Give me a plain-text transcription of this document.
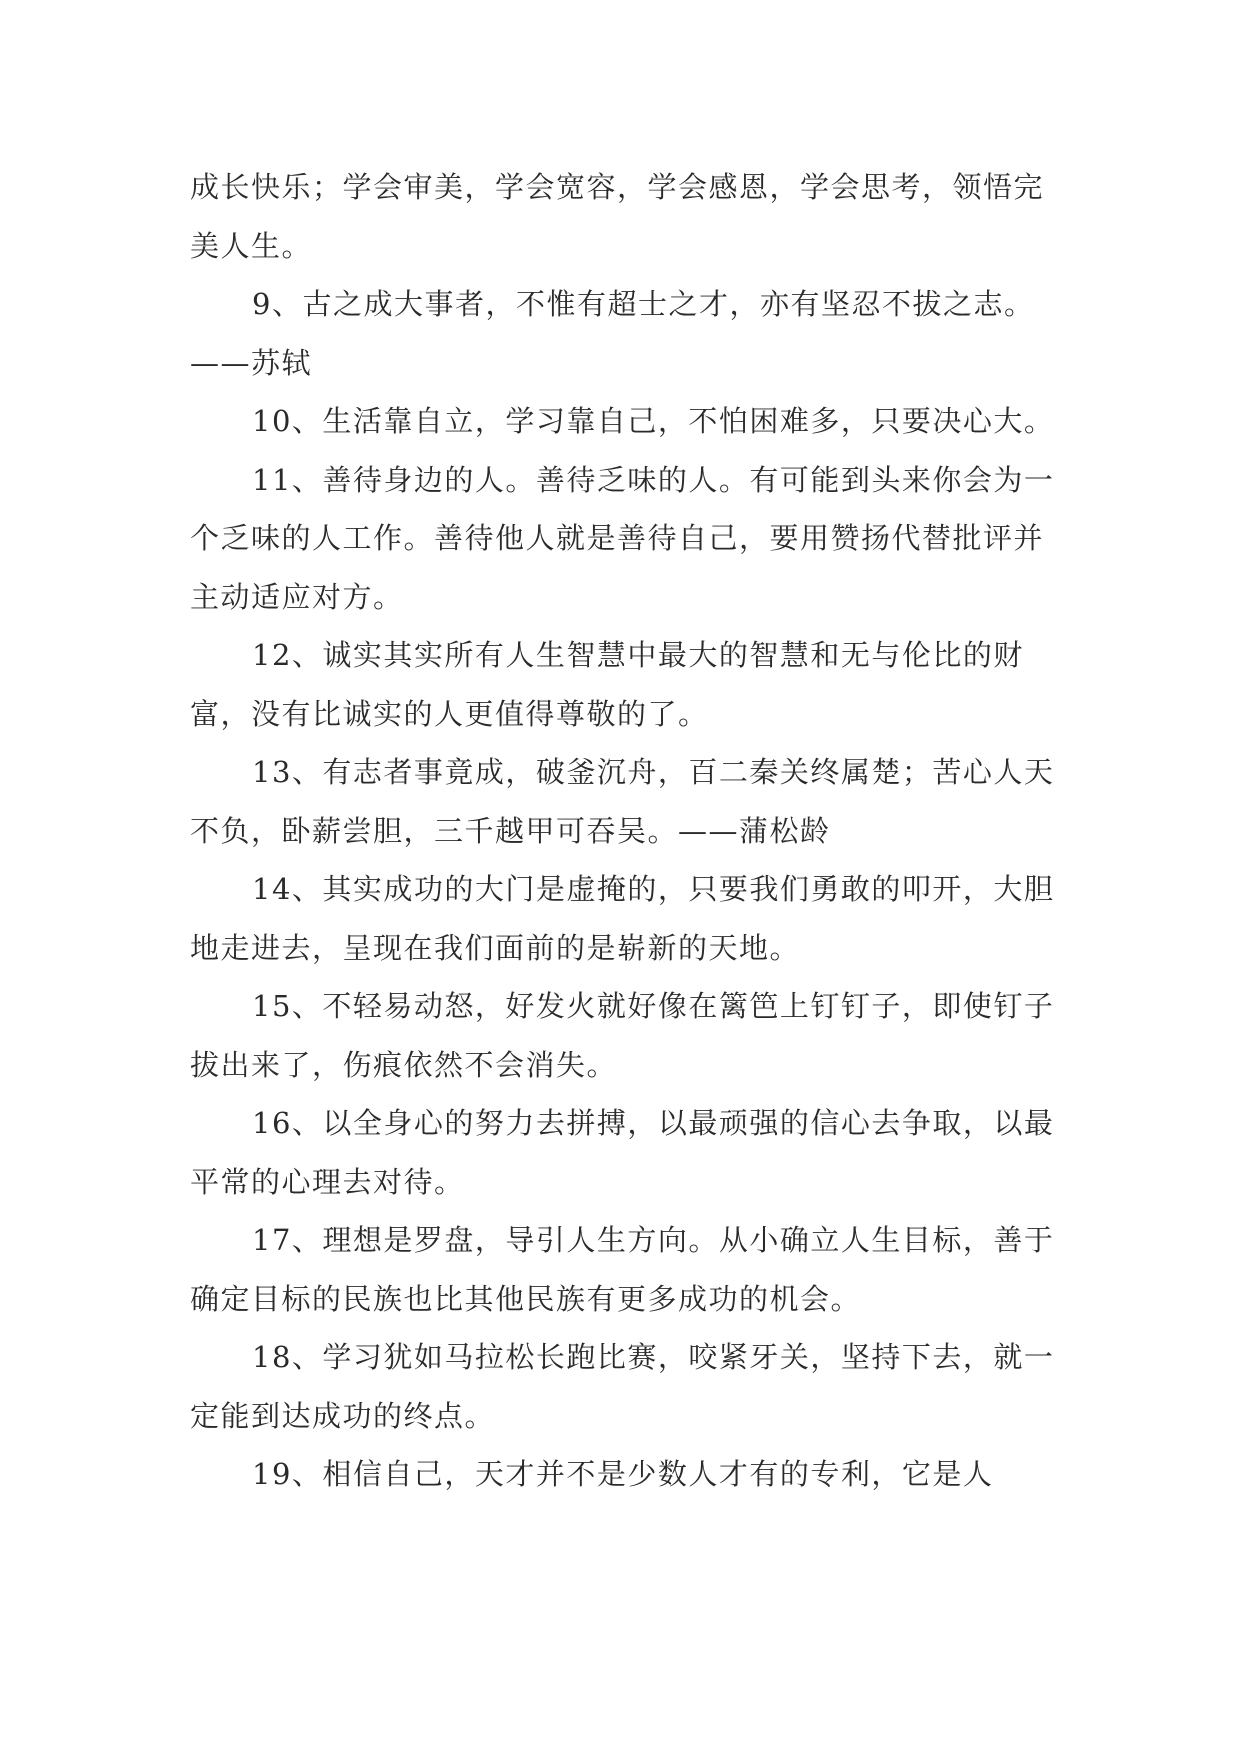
成长快乐；学会审美，学会宽容，学会感恩，学会思考，领悟完美人生。

9、古之成大事者，不惟有超士之才，亦有坚忍不拔之志。——苏轼

10、生活靠自立，学习靠自己，不怕困难多，只要决心大。

11、善待身边的人。善待乏味的人。有可能到头来你会为一个乏味的人工作。善待他人就是善待自己，要用赞扬代替批评并主动适应对方。

12、诚实其实所有人生智慧中最大的智慧和无与伦比的财富，没有比诚实的人更值得尊敬的了。

13、有志者事竟成，破釜沉舟，百二秦关终属楚；苦心人天不负，卧薪尝胆，三千越甲可吞吴。——蒲松龄

14、其实成功的大门是虚掩的，只要我们勇敢的叩开，大胆地走进去，呈现在我们面前的是崭新的天地。

15、不轻易动怒，好发火就好像在篱笆上钉钉子，即使钉子拔出来了，伤痕依然不会消失。

16、以全身心的努力去拼搏，以最顽强的信心去争取，以最平常的心理去对待。

17、理想是罗盘，导引人生方向。从小确立人生目标，善于确定目标的民族也比其他民族有更多成功的机会。

18、学习犹如马拉松长跑比赛，咬紧牙关，坚持下去，就一定能到达成功的终点。

19、相信自己，天才并不是少数人才有的专利，它是人
